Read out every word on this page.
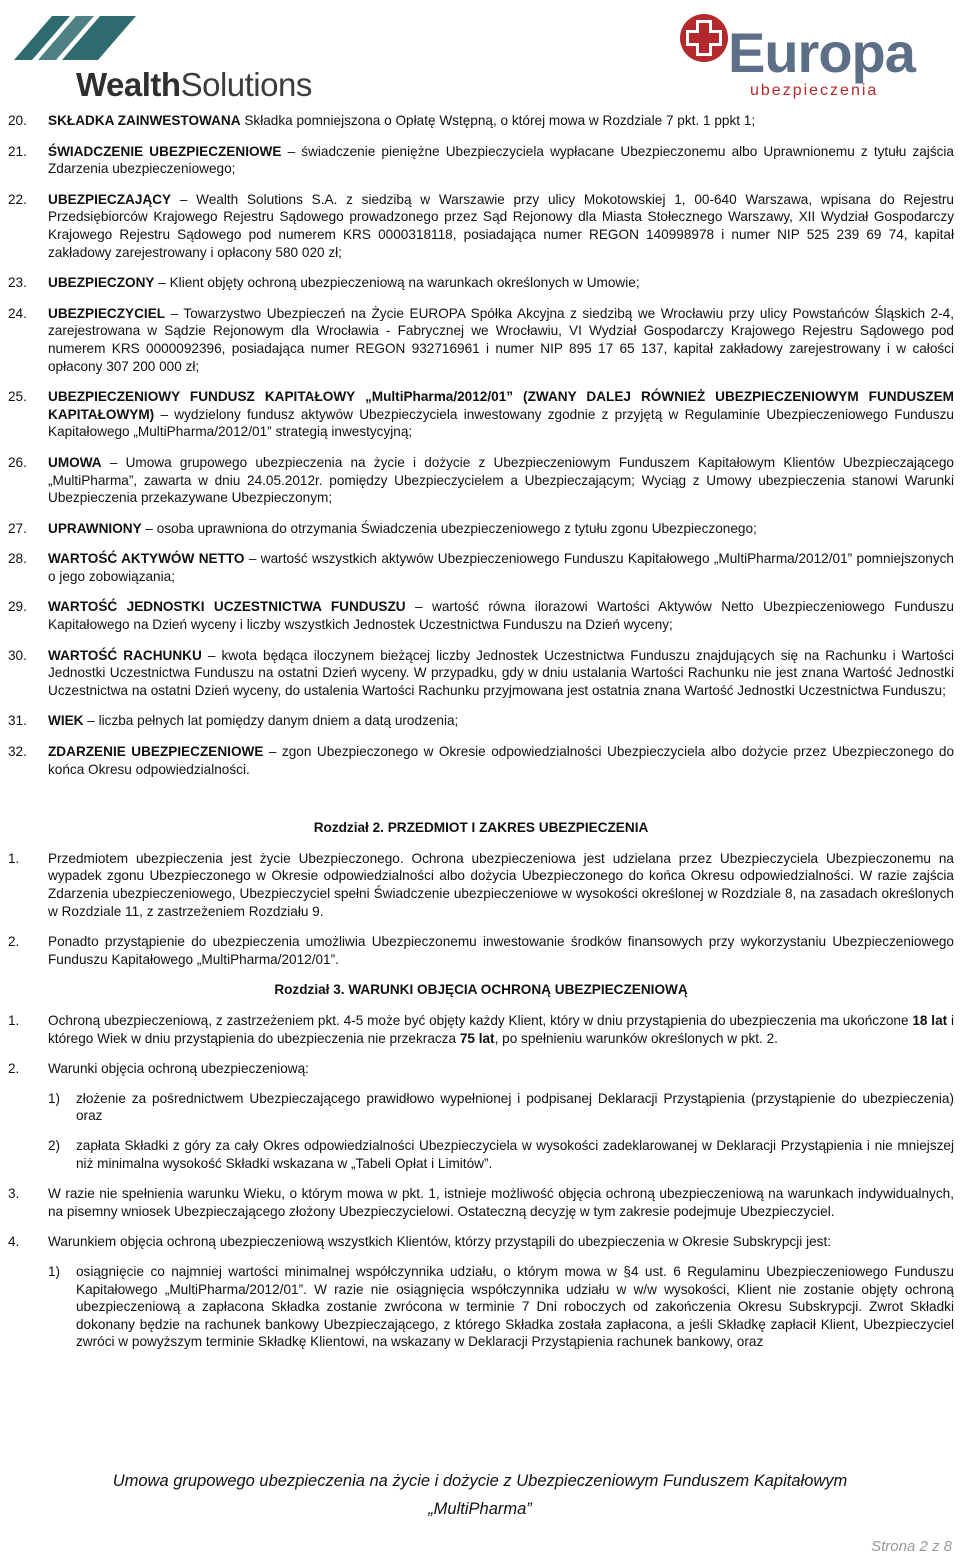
WealthSolutions
Europa
ubezpieczenia
20. SKŁADKA ZAINWESTOWANA Składka pomniejszona o Opłatę Wstępną, o której mowa w Rozdziale 7 pkt. 1 ppkt 1;
21. ŚWIADCZENIE UBEZPIECZENIOWE – świadczenie pieniężne Ubezpieczyciela wypłacane Ubezpieczonemu albo Uprawnionemu z tytułu zajścia Zdarzenia ubezpieczeniowego;
22. UBEZPIECZAJĄCY – Wealth Solutions S.A. z siedzibą w Warszawie przy ulicy Mokotowskiej 1, 00-640 Warszawa, wpisana do Rejestru Przedsiębiorców Krajowego Rejestru Sądowego prowadzonego przez Sąd Rejonowy dla Miasta Stołecznego Warszawy, XII Wydział Gospodarczy Krajowego Rejestru Sądowego pod numerem KRS 0000318118, posiadająca numer REGON 140998978 i numer NIP 525 239 69 74, kapitał zakładowy zarejestrowany i opłacony 580 020 zł;
23. UBEZPIECZONY – Klient objęty ochroną ubezpieczeniową na warunkach określonych w Umowie;
24. UBEZPIECZYCIEL – Towarzystwo Ubezpieczeń na Życie EUROPA Spółka Akcyjna z siedzibą we Wrocławiu przy ulicy Powstańców Śląskich 2-4, zarejestrowana w Sądzie Rejonowym dla Wrocławia - Fabrycznej we Wrocławiu, VI Wydział Gospodarczy Krajowego Rejestru Sądowego pod numerem KRS 0000092396, posiadająca numer REGON 932716961 i numer NIP 895 17 65 137, kapitał zakładowy zarejestrowany i w całości opłacony 307 200 000 zł;
25. UBEZPIECZENIOWY FUNDUSZ KAPITAŁOWY „MultiPharma/2012/01” (ZWANY DALEJ RÓWNIEŻ UBEZPIECZENIOWYM FUNDUSZEM KAPITAŁOWYM) – wydzielony fundusz aktywów Ubezpieczyciela inwestowany zgodnie z przyjętą w Regulaminie Ubezpieczeniowego Funduszu Kapitałowego „MultiPharma/2012/01” strategią inwestycyjną;
26. UMOWA – Umowa grupowego ubezpieczenia na życie i dożycie z Ubezpieczeniowym Funduszem Kapitałowym Klientów Ubezpieczającego „MultiPharma”, zawarta w dniu 24.05.2012r. pomiędzy Ubezpieczycielem a Ubezpieczającym; Wyciąg z Umowy ubezpieczenia stanowi Warunki Ubezpieczenia przekazywane Ubezpieczonym;
27. UPRAWNIONY – osoba uprawniona do otrzymania Świadczenia ubezpieczeniowego z tytułu zgonu Ubezpieczonego;
28. WARTOŚĆ AKTYWÓW NETTO – wartość wszystkich aktywów Ubezpieczeniowego Funduszu Kapitałowego „MultiPharma/2012/01” pomniejszonych o jego zobowiązania;
29. WARTOŚĆ JEDNOSTKI UCZESTNICTWA FUNDUSZU – wartość równa ilorazowi Wartości Aktywów Netto Ubezpieczeniowego Funduszu Kapitałowego na Dzień wyceny i liczby wszystkich Jednostek Uczestnictwa Funduszu na Dzień wyceny;
30. WARTOŚĆ RACHUNKU – kwota będąca iloczynem bieżącej liczby Jednostek Uczestnictwa Funduszu znajdujących się na Rachunku i Wartości Jednostki Uczestnictwa Funduszu na ostatni Dzień wyceny. W przypadku, gdy w dniu ustalania Wartości Rachunku nie jest znana Wartość Jednostki Uczestnictwa na ostatni Dzień wyceny, do ustalenia Wartości Rachunku przyjmowana jest ostatnia znana Wartość Jednostki Uczestnictwa Funduszu;
31. WIEK – liczba pełnych lat pomiędzy danym dniem a datą urodzenia;
32. ZDARZENIE UBEZPIECZENIOWE – zgon Ubezpieczonego w Okresie odpowiedzialności Ubezpieczyciela albo dożycie przez Ubezpieczonego do końca Okresu odpowiedzialności.
Rozdział 2. PRZEDMIOT I ZAKRES UBEZPIECZENIA
1. Przedmiotem ubezpieczenia jest życie Ubezpieczonego. Ochrona ubezpieczeniowa jest udzielana przez Ubezpieczyciela Ubezpieczonemu na wypadek zgonu Ubezpieczonego w Okresie odpowiedzialności albo dożycia Ubezpieczonego do końca Okresu odpowiedzialności. W razie zajścia Zdarzenia ubezpieczeniowego, Ubezpieczyciel spełni Świadczenie ubezpieczeniowe w wysokości określonej w Rozdziale 8, na zasadach określonych w Rozdziale 11, z zastrzeżeniem Rozdziału 9.
2. Ponadto przystąpienie do ubezpieczenia umożliwia Ubezpieczonemu inwestowanie środków finansowych przy wykorzystaniu Ubezpieczeniowego Funduszu Kapitałowego „MultiPharma/2012/01”.
Rozdział 3. WARUNKI OBJĘCIA OCHRONĄ UBEZPIECZENIOWĄ
1. Ochroną ubezpieczeniową, z zastrzeżeniem pkt. 4-5 może być objęty każdy Klient, który w dniu przystąpienia do ubezpieczenia ma ukończone 18 lat i którego Wiek w dniu przystąpienia do ubezpieczenia nie przekracza 75 lat, po spełnieniu warunków określonych w pkt. 2.
2. Warunki objęcia ochroną ubezpieczeniową:
1) złożenie za pośrednictwem Ubezpieczającego prawidłowo wypełnionej i podpisanej Deklaracji Przystąpienia (przystąpienie do ubezpieczenia) oraz
2) zapłata Składki z góry za cały Okres odpowiedzialności Ubezpieczyciela w wysokości zadeklarowanej w Deklaracji Przystąpienia i nie mniejszej niż minimalna wysokość Składki wskazana w „Tabeli Opłat i Limitów”.
3. W razie nie spełnienia warunku Wieku, o którym mowa w pkt. 1, istnieje możliwość objęcia ochroną ubezpieczeniową na warunkach indywidualnych, na pisemny wniosek Ubezpieczającego złożony Ubezpieczycielowi. Ostateczną decyzję w tym zakresie podejmuje Ubezpieczyciel.
4. Warunkiem objęcia ochroną ubezpieczeniową wszystkich Klientów, którzy przystąpili do ubezpieczenia w Okresie Subskrypcji jest:
1) osiągnięcie co najmniej wartości minimalnej współczynnika udziału, o którym mowa w §4 ust. 6 Regulaminu Ubezpieczeniowego Funduszu Kapitałowego „MultiPharma/2012/01”. W razie nie osiągnięcia współczynnika udziału w w/w wysokości, Klient nie zostanie objęty ochroną ubezpieczeniową a zapłacona Składka zostanie zwrócona w terminie 7 Dni roboczych od zakończenia Okresu Subskrypcji. Zwrot Składki dokonany będzie na rachunek bankowy Ubezpieczającego, z którego Składka została zapłacona, a jeśli Składkę zapłacił Klient, Ubezpieczyciel zwróci w powyższym terminie Składkę Klientowi, na wskazany w Deklaracji Przystąpienia rachunek bankowy, oraz
Umowa grupowego ubezpieczenia na życie i dożycie z Ubezpieczeniowym Funduszem Kapitałowym
„MultiPharma”
Strona 2 z 8
